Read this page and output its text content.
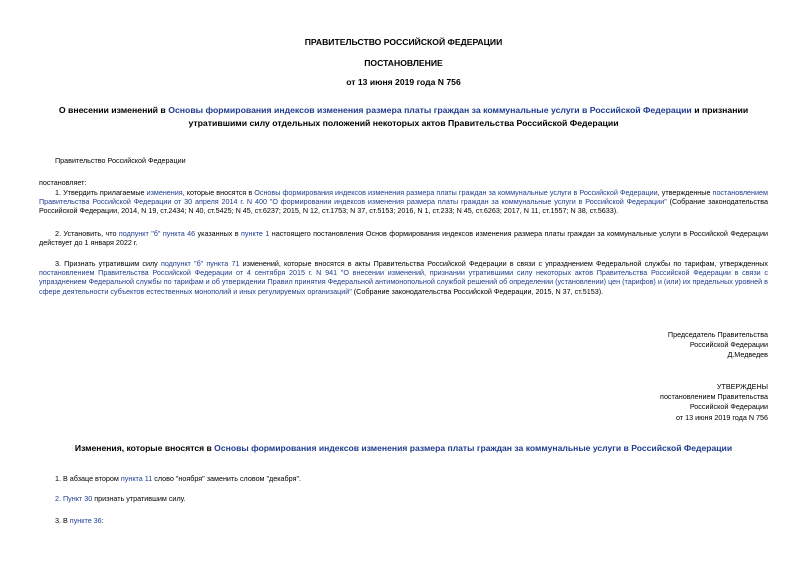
ПРАВИТЕЛЬСТВО РОССИЙСКОЙ ФЕДЕРАЦИИ
ПОСТАНОВЛЕНИЕ
от 13 июня 2019 года N 756
О внесении изменений в Основы формирования индексов изменения размера платы граждан за коммунальные услуги в Российской Федерации и признании утратившими силу отдельных положений некоторых актов Правительства Российской Федерации
Правительство Российской Федерации
постановляет:
1. Утвердить прилагаемые изменения, которые вносятся в Основы формирования индексов изменения размера платы граждан за коммунальные услуги в Российской Федерации, утвержденные постановлением Правительства Российской Федерации от 30 апреля 2014 г. N 400 "О формировании индексов изменения размера платы граждан за коммунальные услуги в Российской Федерации" (Собрание законодательства Российской Федерации, 2014, N 19, ст.2434; N 40, ст.5425; N 45, ст.6237; 2015, N 12, ст.1753; N 37, ст.5153; 2016, N 1, ст.233; N 45, ст.6263; 2017, N 11, ст.1557; N 38, ст.5633).
2. Установить, что подпункт "б" пункта 46 указанных в пункте 1 настоящего постановления Основ формирования индексов изменения размера платы граждан за коммунальные услуги в Российской Федерации действует до 1 января 2022 г.
3. Признать утратившим силу подпункт "б" пункта 71 изменений, которые вносятся в акты Правительства Российской Федерации в связи с упразднением Федеральной службы по тарифам, утвержденных постановлением Правительства Российской Федерации от 4 сентября 2015 г. N 941 "О внесении изменений, признании утратившими силу некоторых актов Правительства Российской Федерации в связи с упразднением Федеральной службы по тарифам и об утверждении Правил принятия Федеральной антимонопольной службой решений об определении (установлении) цен (тарифов) и (или) их предельных уровней в сфере деятельности субъектов естественных монополий и иных регулируемых организаций" (Собрание законодательства Российской Федерации, 2015, N 37, ст.5153).
Председатель Правительства
Российской Федерации
Д.Медведев
УТВЕРЖДЕНЫ
постановлением Правительства
Российской Федерации
от 13 июня 2019 года N 756
Изменения, которые вносятся в Основы формирования индексов изменения размера платы граждан за коммунальные услуги в Российской Федерации
1. В абзаце втором пункта 11 слово "ноября" заменить словом "декабря".
2. Пункт 30 признать утратившим силу.
3. В пункте 36:
